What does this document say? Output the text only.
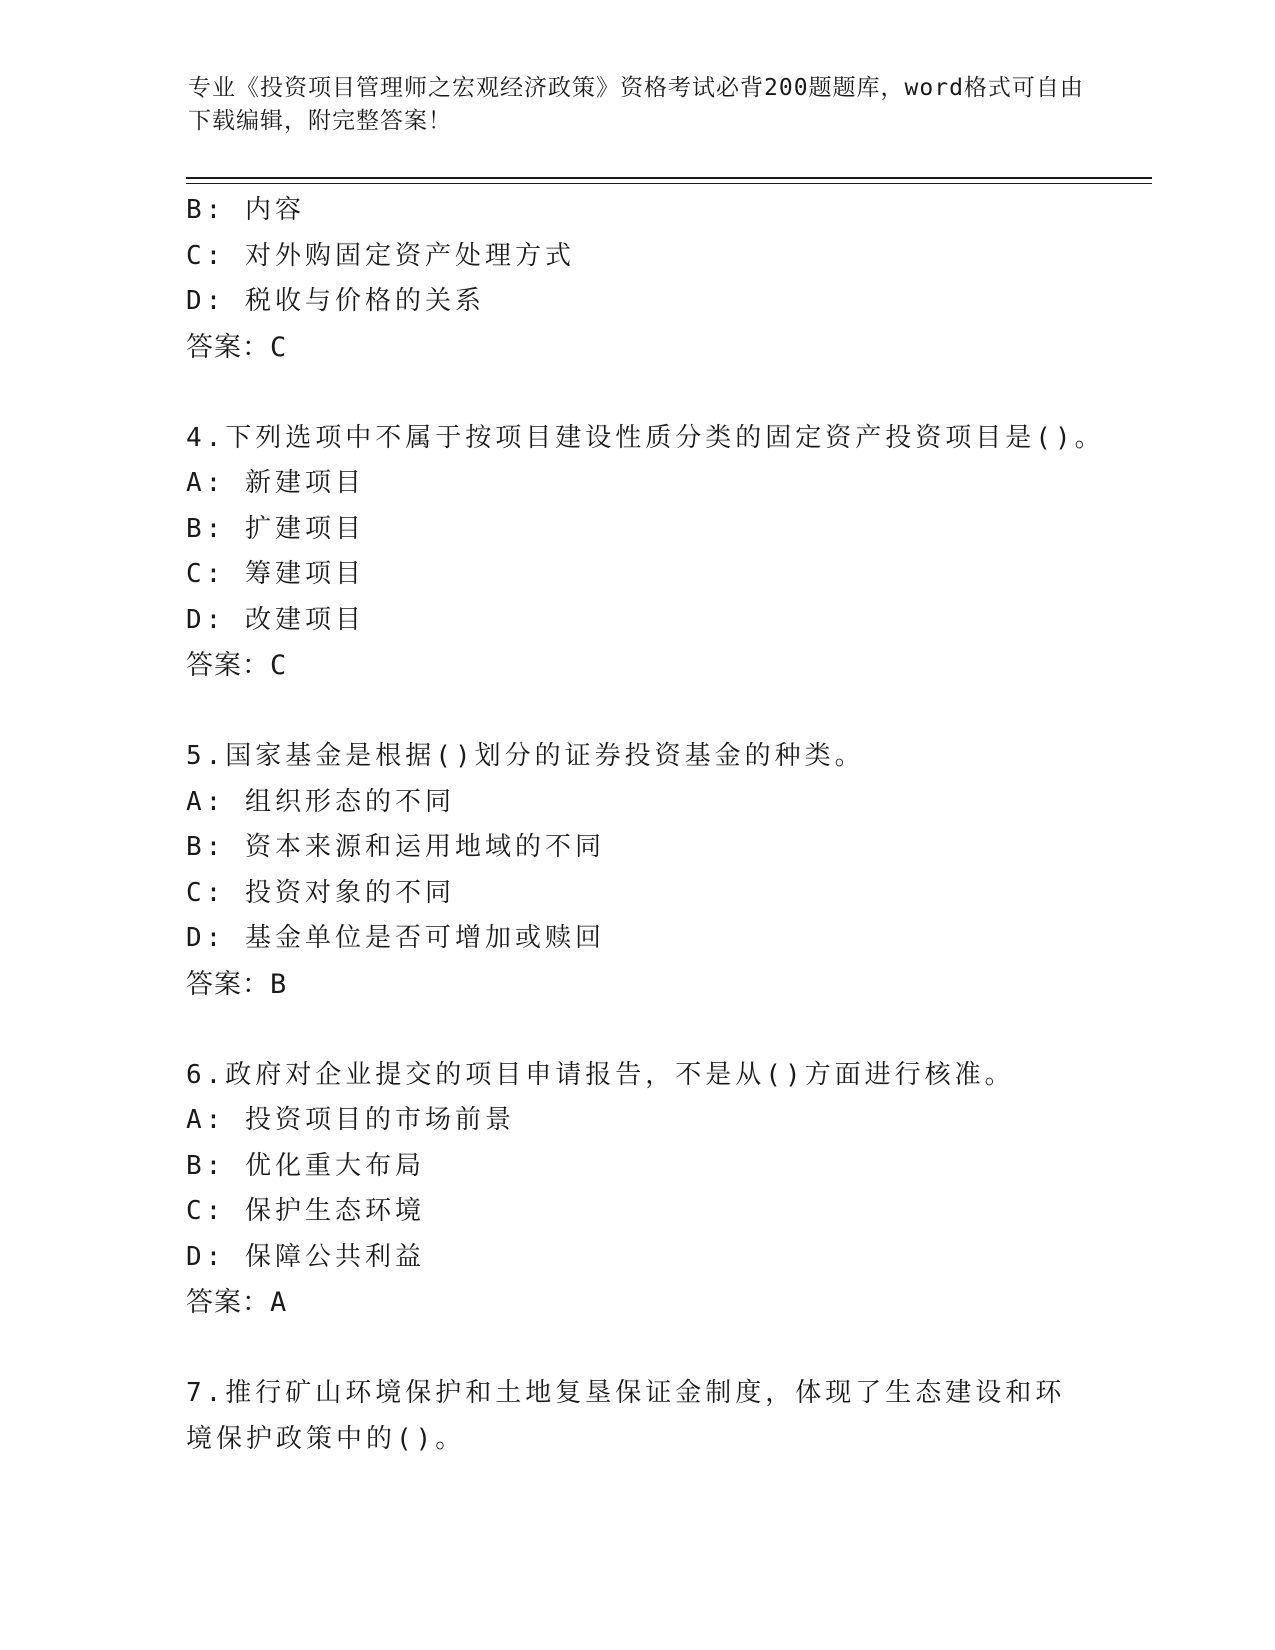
专业《投资项目管理师之宏观经济政策》资格考试必背200题题库，word格式可自由下载编辑，附完整答案！
B: 内容
C: 对外购固定资产处理方式
D: 税收与价格的关系
答案：C
4.下列选项中不属于按项目建设性质分类的固定资产投资项目是()。
A: 新建项目
B: 扩建项目
C: 筹建项目
D: 改建项目
答案：C
5.国家基金是根据()划分的证券投资基金的种类。
A: 组织形态的不同
B: 资本来源和运用地域的不同
C: 投资对象的不同
D: 基金单位是否可增加或赎回
答案：B
6.政府对企业提交的项目申请报告，不是从()方面进行核准。
A: 投资项目的市场前景
B: 优化重大布局
C: 保护生态环境
D: 保障公共利益
答案：A
7.推行矿山环境保护和土地复垦保证金制度，体现了生态建设和环境保护政策中的()。
